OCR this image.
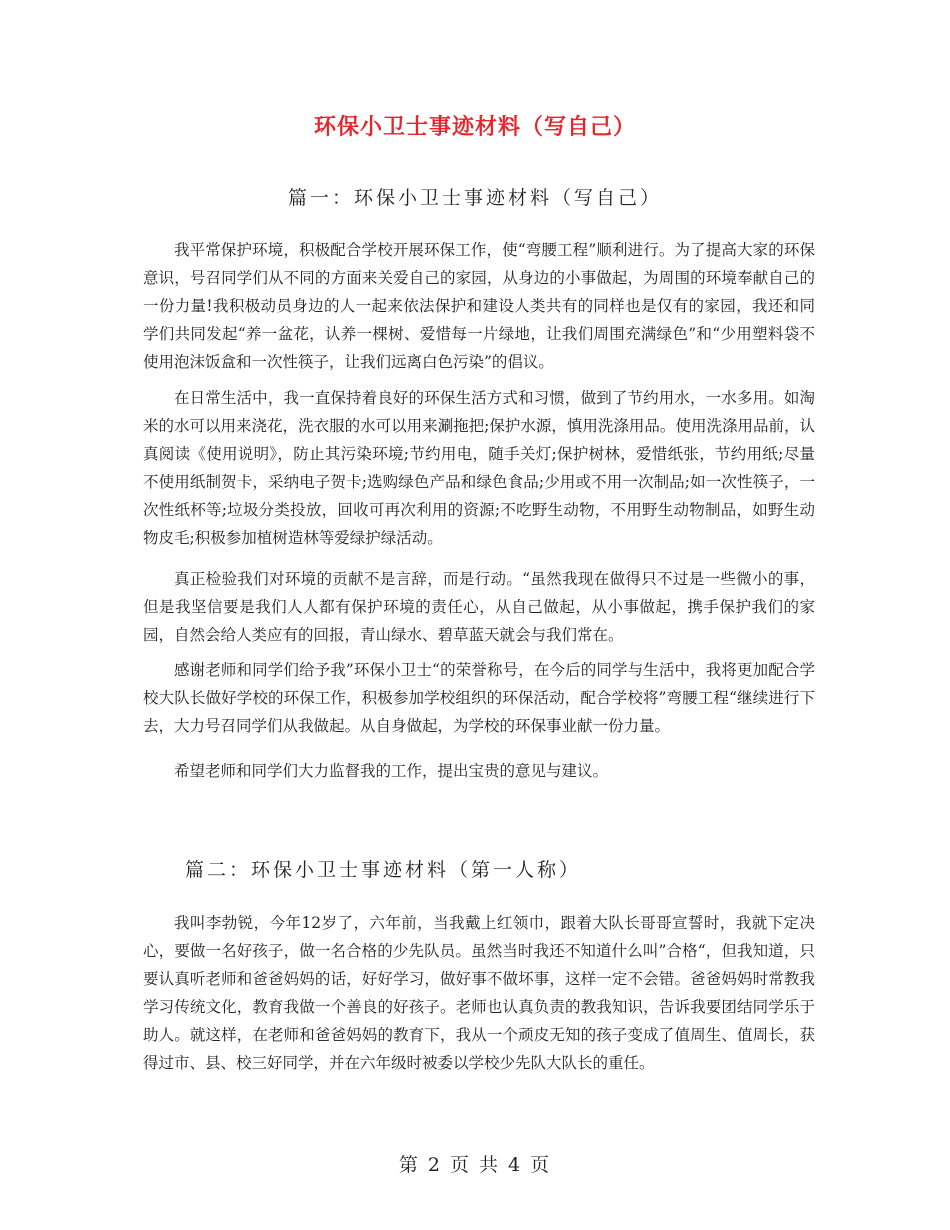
环保小卫士事迹材料（写自己）
篇一：环保小卫士事迹材料（写自己）

我平常保护环境，积极配合学校开展环保工作，使“弯腰工程”顺利进行。为了提高大家的环保意识，号召同学们从不同的方面来关爱自己的家园，从身边的小事做起，为周围的环境奉献自己的一份力量!我积极动员身边的人一起来依法保护和建设人类共有的同样也是仅有的家园，我还和同学们共同发起“养一盆花，认养一棵树、爱惜每一片绿地，让我们周围充满绿色”和“少用塑料袋不使用泡沫饭盒和一次性筷子，让我们远离白色污染”的倡议。

在日常生活中，我一直保持着良好的环保生活方式和习惯，做到了节约用水，一水多用。如淘米的水可以用来浇花，洗衣服的水可以用来涮拖把;保护水源，慎用洗涤用品。使用洗涤用品前，认真阅读《使用说明》，防止其污染环境;节约用电，随手关灯;保护树林，爱惜纸张，节约用纸;尽量不使用纸制贺卡，采纳电子贺卡;选购绿色产品和绿色食品;少用或不用一次制品;如一次性筷子，一次性纸杯等;垃圾分类投放，回收可再次利用的资源;不吃野生动物，不用野生动物制品，如野生动物皮毛;积极参加植树造林等爱绿护绿活动。

真正检验我们对环境的贡献不是言辞，而是行动。“虽然我现在做得只不过是一些微小的事，但是我坚信要是我们人人都有保护环境的责任心，从自己做起，从小事做起，携手保护我们的家园，自然会给人类应有的回报，青山绿水、碧草蓝天就会与我们常在。

感谢老师和同学们给予我”环保小卫士“的荣誉称号，在今后的同学与生活中，我将更加配合学校大队长做好学校的环保工作，积极参加学校组织的环保活动，配合学校将”弯腰工程“继续进行下去，大力号召同学们从我做起。从自身做起，为学校的环保事业献一份力量。

希望老师和同学们大力监督我的工作，提出宝贵的意见与建议。

篇二：环保小卫士事迹材料（第一人称）

我叫李勃锐，今年12岁了，六年前，当我戴上红领巾，跟着大队长哥哥宣誓时，我就下定决心，要做一名好孩子，做一名合格的少先队员。虽然当时我还不知道什么叫”合格“，但我知道，只要认真听老师和爸爸妈妈的话，好好学习，做好事不做坏事，这样一定不会错。爸爸妈妈时常教我学习传统文化，教育我做一个善良的好孩子。老师也认真负责的教我知识，告诉我要团结同学乐于助人。就这样，在老师和爸爸妈妈的教育下，我从一个顽皮无知的孩子变成了值周生、值周长，获得过市、县、校三好同学，并在六年级时被委以学校少先队大队长的重任。

第 2 页 共 4 页
